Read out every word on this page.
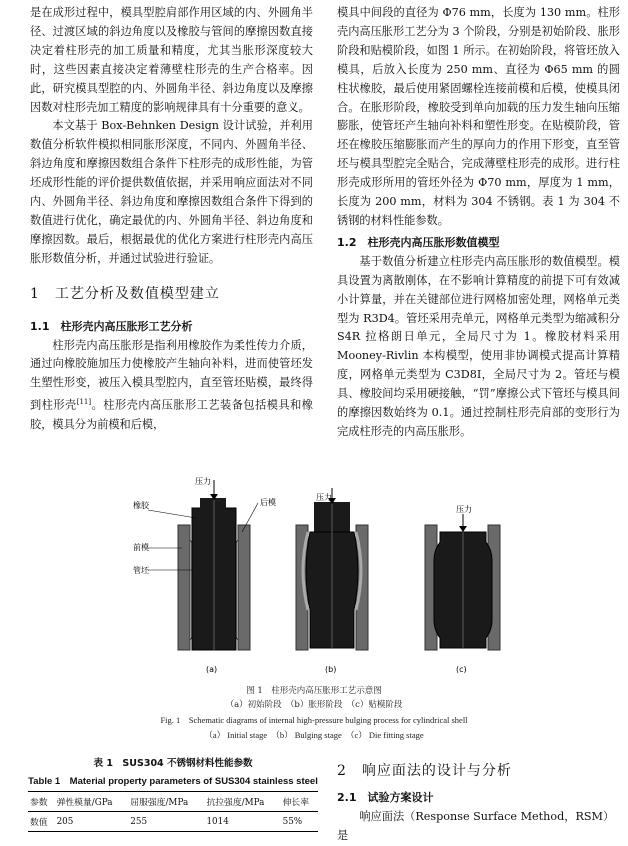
是在成形过程中，模具型腔肩部作用区域的内、外圆角半径、过渡区域的斜边角度以及橡胶与管间的摩擦因数直接决定着柱形壳的加工质量和精度，尤其当胀形深度较大时，这些因素直接决定着薄壁柱形壳的生产合格率。因此，研究模具型腔的内、外圆角半径、斜边角度以及摩擦因数对柱形壳加工精度的影响规律具有十分重要的意义。

本文基于 Box-Behnken Design 设计试验，并利用数值分析软件模拟相同胀形深度，不同内、外圆角半径、斜边角度和摩擦因数组合条件下柱形壳的成形性能，为管坯成形性能的评价提供数值依据，并采用响应面法对不同内、外圆角半径、斜边角度和摩擦因数组合条件下得到的数值进行优化，确定最优的内、外圆角半径、斜边角度和摩擦因数。最后，根据最优的优化方案进行柱形壳内高压胀形数值分析，并通过试验进行验证。

1　工艺分析及数值模型建立
1.1　柱形壳内高压胀形工艺分析

柱形壳内高压胀形是指利用橡胶作为柔性传力介质，通过向橡胶施加压力使橡胶产生轴向补料，进而使管坯发生塑性形变，被压入模具型腔内，直至管坯贴模，最终得到柱形壳[11]。柱形壳内高压胀形工艺装备包括模具和橡胶，模具分为前模和后模，

模具中间段的直径为 Φ76 mm，长度为 130 mm。柱形壳内高压胀形工艺分为 3 个阶段，分别是初始阶段、胀形阶段和贴模阶段，如图 1 所示。在初始阶段，将管坯放入模具，后放入长度为 250 mm、直径为 Φ65 mm 的圆柱状橡胶，最后使用紧固螺栓连接前模和后模，使模具闭合。在胀形阶段，橡胶受到单向加载的压力发生轴向压缩膨胀，使管坯产生轴向补料和塑性形变。在贴模阶段，管坯在橡胶压缩膨胀而产生的厚向力的作用下形变，直至管坯与模具型腔完全贴合，完成薄壁柱形壳的成形。进行柱形壳成形所用的管坯外径为 Φ70 mm，厚度为 1 mm，长度为 200 mm，材料为 304 不锈钢。表 1 为 304 不锈钢的材料性能参数。

1.2　柱形壳内高压胀形数值模型

基于数值分析建立柱形壳内高压胀形的数值模型。模具设置为离散刚体，在不影响计算精度的前提下可有效减小计算量，并在关键部位进行网格加密处理，网格单元类型为 R3D4。管坯采用壳单元，网格单元类型为缩减积分 S4R 拉格朗日单元，全局尺寸为 1。橡胶材料采用 Mooney-Rivlin 本构模型，使用非协调模式提高计算精度，网格单元类型为 C3D8I，全局尺寸为 2。管坯与模具、橡胶间均采用硬接触，“罚”摩擦公式下管坯与模具间的摩擦因数始终为 0.1。通过控制柱形壳肩部的变形行为完成柱形壳的内高压胀形。

压力
橡胶	后模
前模
管坯
压力
压力
(a)	(b)	(c)
图 1　柱形壳内高压胀形工艺示意图
（a）初始阶段　（b）胀形阶段　（c）贴模阶段
Fig. 1　Schematic diagrams of internal high-pressure bulging process for cylindrical shell
（a） Initial stage　（b） Bulging stage　（c） Die fitting stage
表 1　SUS304 不锈钢材料性能参数
Table 1　Material property parameters of SUS304 stainless steel
参数	弹性模量/GPa	屈服强度/MPa	抗拉强度/MPa	伸长率
数值	205	255	1014	55%
2　响应面法的设计与分析
2.1　试验方案设计

响应面法（Response Surface Method，RSM）是
